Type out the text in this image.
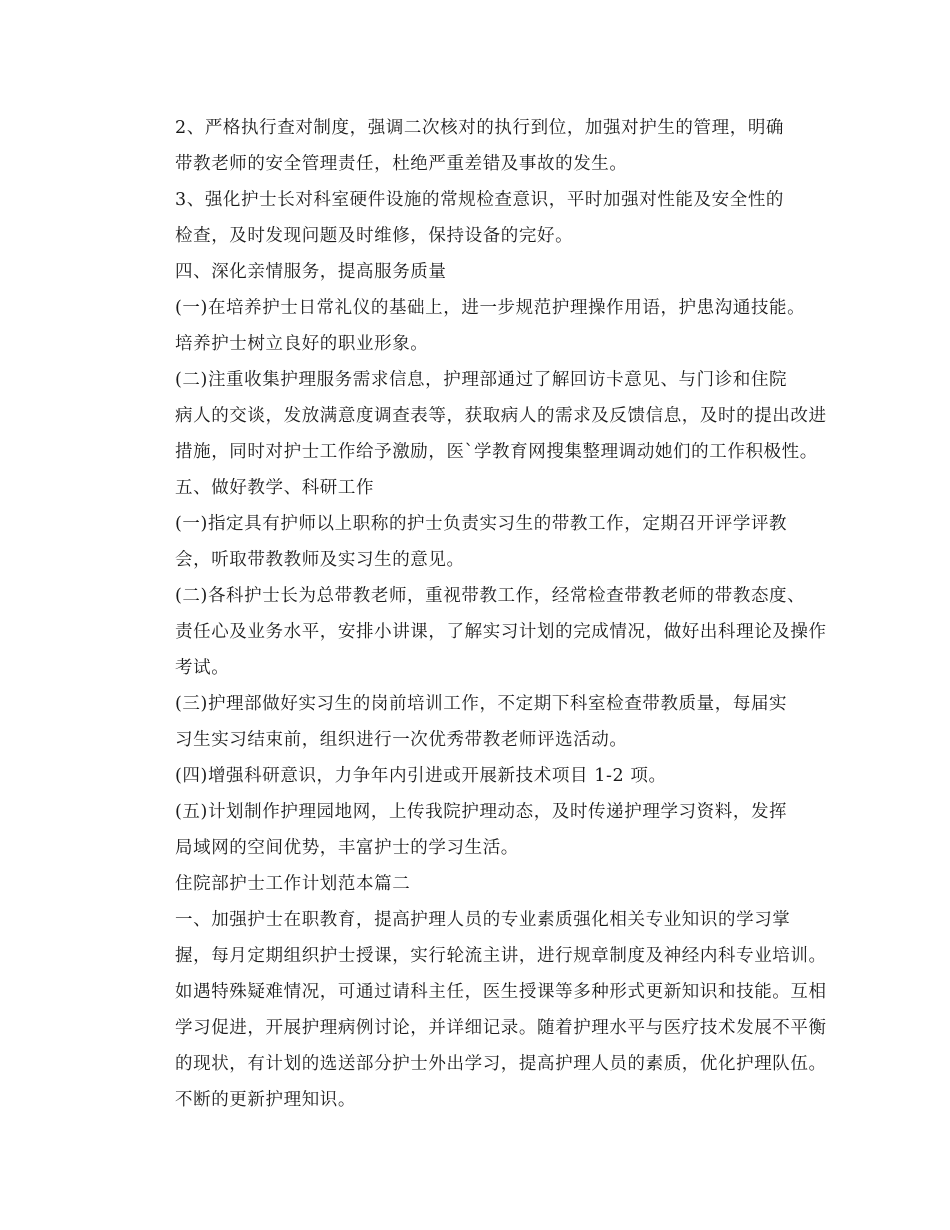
2、严格执行查对制度，强调二次核对的执行到位，加强对护生的管理，明确
带教老师的安全管理责任，杜绝严重差错及事故的发生。

3、强化护士长对科室硬件设施的常规检查意识，平时加强对性能及安全性的
检查，及时发现问题及时维修，保持设备的完好。

四、深化亲情服务，提高服务质量

(一)在培养护士日常礼仪的基础上，进一步规范护理操作用语，护患沟通技能。
培养护士树立良好的职业形象。

(二)注重收集护理服务需求信息，护理部通过了解回访卡意见、与门诊和住院
病人的交谈，发放满意度调查表等，获取病人的需求及反馈信息，及时的提出改进
措施，同时对护士工作给予激励，医`学教育网搜集整理调动她们的工作积极性。

五、做好教学、科研工作

(一)指定具有护师以上职称的护士负责实习生的带教工作，定期召开评学评教
会，听取带教教师及实习生的意见。

(二)各科护士长为总带教老师，重视带教工作，经常检查带教老师的带教态度、
责任心及业务水平，安排小讲课，了解实习计划的完成情况，做好出科理论及操作
考试。

(三)护理部做好实习生的岗前培训工作，不定期下科室检查带教质量，每届实
习生实习结束前，组织进行一次优秀带教老师评选活动。

(四)增强科研意识，力争年内引进或开展新技术项目 1-2 项。

(五)计划制作护理园地网，上传我院护理动态，及时传递护理学习资料，发挥
局域网的空间优势，丰富护士的学习生活。

住院部护士工作计划范本篇二

一、加强护士在职教育，提高护理人员的专业素质强化相关专业知识的学习掌
握，每月定期组织护士授课，实行轮流主讲，进行规章制度及神经内科专业培训。
如遇特殊疑难情况，可通过请科主任，医生授课等多种形式更新知识和技能。互相
学习促进，开展护理病例讨论，并详细记录。随着护理水平与医疗技术发展不平衡
的现状，有计划的选送部分护士外出学习，提高护理人员的素质，优化护理队伍。
不断的更新护理知识。
